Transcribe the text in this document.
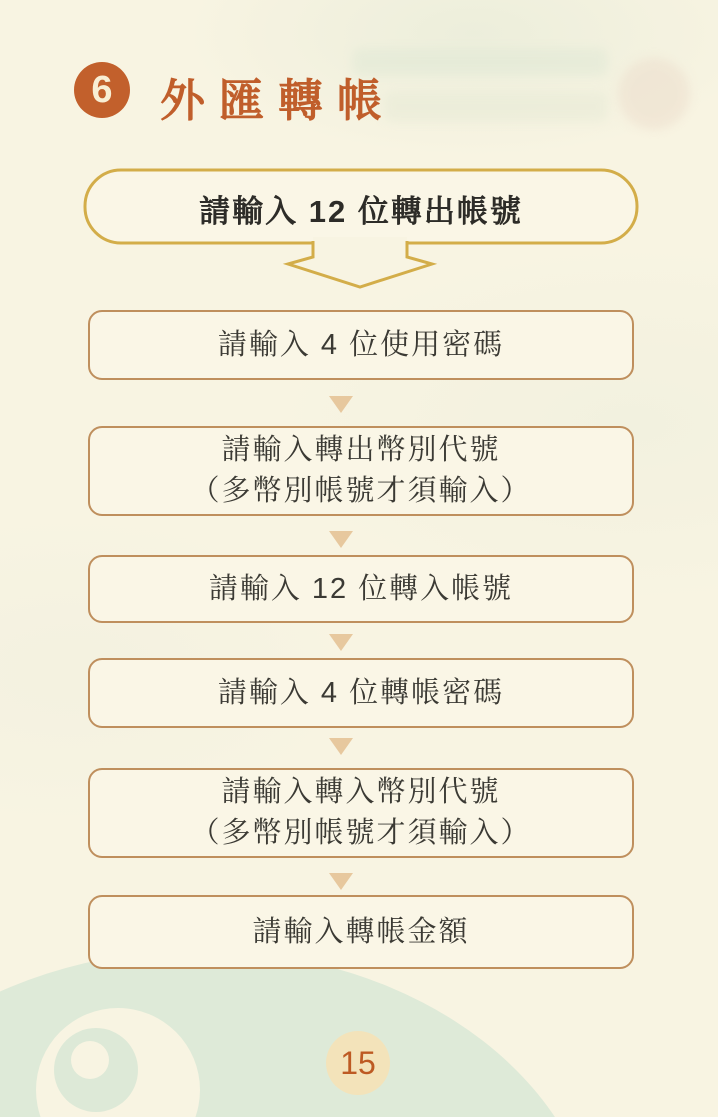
6	外匯轉帳
請輸入 12 位轉出帳號
請輸入 4 位使用密碼
請輸入轉出幣別代號
（多幣別帳號才須輸入）
請輸入 12 位轉入帳號
請輸入 4 位轉帳密碼
請輸入轉入幣別代號
（多幣別帳號才須輸入）
請輸入轉帳金額
15
